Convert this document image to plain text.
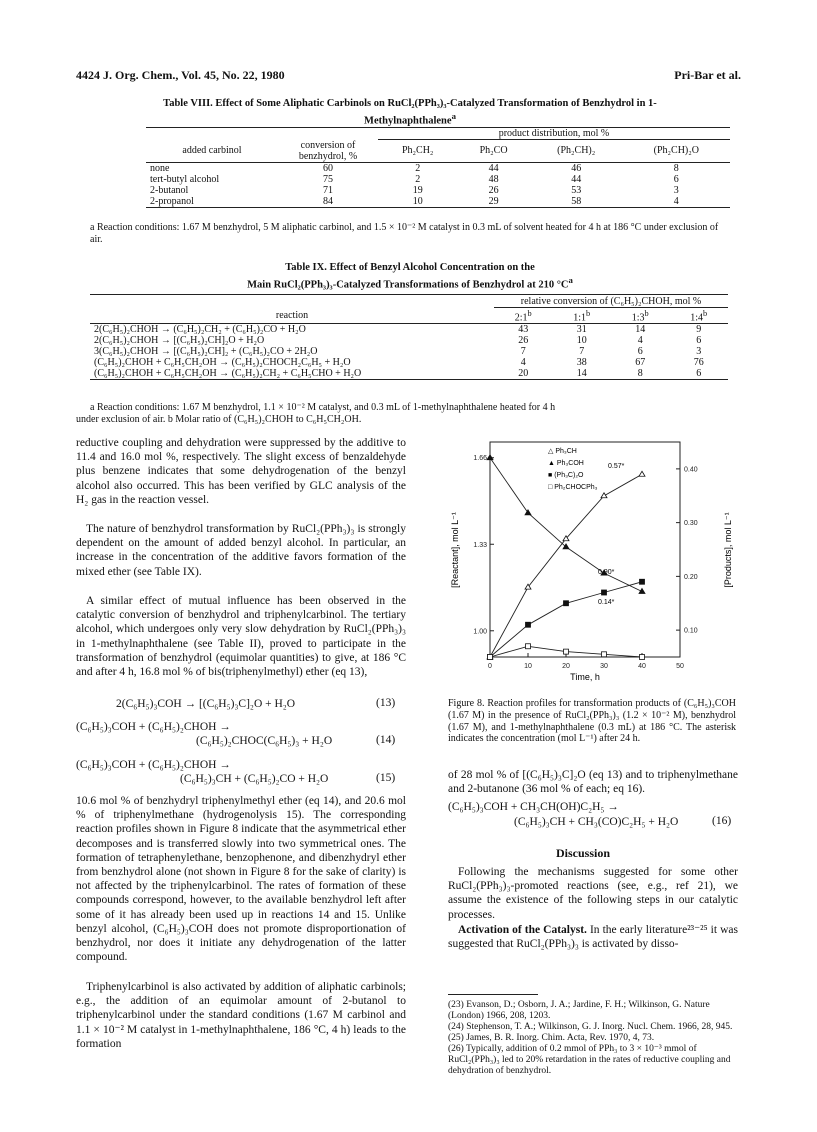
4424 J. Org. Chem., Vol. 45, No. 22, 1980	Pri-Bar et al.
Table VIII. Effect of Some Aliphatic Carbinols on RuCl₂(PPh₃)₃-Catalyzed Transformation of Benzhydrol in 1-Methylnaphthalene$^a$
		product distribution, mol %			
added carbinol	conversion of benzhydrol, %	Ph₂CH₂	Ph₂CO	(Ph₂CH)₂	(Ph₂CH)₂O
none	60	2	44	46	8
tert-butyl alcohol	75	2	48	44	6
2-butanol	71	19	26	53	3
2-propanol	84	10	29	58	4
a Reaction conditions: 1.67 M benzhydrol, 5 M aliphatic carbinol, and 1.5 × 10⁻² M catalyst in 0.3 mL of solvent heated for 4 h at 186 °C under exclusion of air.
Table IX. Effect of Benzyl Alcohol Concentration on the
Main RuCl₂(PPh₃)₃-Catalyzed Transformations of Benzhydrol at 210 $^\circ C^a$
	relative conversion of (C₆H₅)₂CHOH, mol %			
reaction	2:1$^b$	1:1$^b$	1:3$^b$	1:4$^b$
2(C₆H₅)₂CHOH → (C₆H₅)₂CH₂ + (C₆H₅)₂CO + H₂O	43	31	14	9
2(C₆H₅)₂CHOH → [(C₆H₅)₂CH]₂O + H₂O	26	10	4	6
3(C₆H₅)₂CHOH → [(C₆H₅)₂CH]₂ + (C₆H₅)₂CO + 2H₂O	7	7	6	3
(C₆H₅)₂CHOH + C₆H₅CH₂OH → (C₆H₅)₂CHOCH₂C₆H₅ + H₂O	4	38	67	76
(C₆H₅)₂CHOH + C₆H₅CH₂OH → (C₆H₅)₂CH₂ + C₆H₅CHO + H₂O	20	14	8	6
a Reaction conditions: 1.67 M benzhydrol, 1.1 × 10⁻² M catalyst, and 0.3 mL of 1-methylnaphthalene heated for 4 h
under exclusion of air. b Molar ratio of (C₆H₅)₂CHOH to C₆H₅CH₂OH.
reductive coupling and dehydration were suppressed by the additive to 11.4 and 16.0 mol %, respectively. The slight excess of benzaldehyde plus benzene indicates that some dehydrogenation of the benzyl alcohol also occurred. This has been verified by GLC analysis of the H₂ gas in the reaction vessel.
The nature of benzhydrol transformation by RuCl₂(PPh₃)₃ is strongly dependent on the amount of added benzyl alcohol. In particular, an increase in the concentration of the additive favors formation of the mixed ether (see Table IX).
A similar effect of mutual influence has been observed in the catalytic conversion of benzhydrol and triphenylcarbinol. The tertiary alcohol, which undergoes only very slow dehydration by RuCl₂(PPh₃)₃ in 1-methylnaphthalene (see Table II), proved to participate in the transformation of benzhydrol (equimolar quantities) to give, at 186 °C and after 4 h, 16.8 mol % of bis(triphenylmethyl) ether (eq 13),
2(C₆H₅)₃COH → [(C₆H₅)₃C]₂O + H₂O	(13)
(C₆H₅)₃COH + (C₆H₅)₂CHOH →
(C₆H₅)₂CHOC(C₆H₅)₃ + H₂O	(14)
(C₆H₅)₃COH + (C₆H₅)₂CHOH →
(C₆H₅)₃CH + (C₆H₅)₂CO + H₂O	(15)
10.6 mol % of benzhydryl triphenylmethyl ether (eq 14), and 20.6 mol % of triphenylmethane (hydrogenolysis 15). The corresponding reaction profiles shown in Figure 8 indicate that the asymmetrical ether decomposes and is transferred slowly into two symmetrical ones. The formation of tetraphenylethane, benzophenone, and dibenzhydryl ether from benzhydrol alone (not shown in Figure 8 for the sake of clarity) is not affected by the triphenylcarbinol. The rates of formation of these compounds correspond, however, to the available benzhydrol left after some of it has already been used up in reactions 14 and 15. Unlike benzyl alcohol, (C₆H₅)₃COH does not promote disproportionation of benzhydrol, nor does it initiate any dehydrogenation of the latter compound.
Triphenylcarbinol is also activated by addition of aliphatic carbinols; e.g., the addition of an equimolar amount of 2-butanol to triphenylcarbinol under the standard conditions (1.67 M carbinol and 1.1 × 10⁻² M catalyst in 1-methylnaphthalene, 186 °C, 4 h) leads to the formation
△ Ph₃CH
▲ Ph₃COH
■ (Ph₃C)₂O
□ Ph₂CHOCPh₃
0	10	20	30	40	50
1.66
1.33
1.00
0.40
0.30
0.20
0.10
[Reactant], mol L⁻¹	[Products], mol L⁻¹
Time, h
0.57*
0.90*
0.14*
Figure 8. Reaction profiles for transformation products of (C₆H₅)₃COH (1.67 M) in the presence of RuCl₂(PPh₃)₃ (1.2 × 10⁻² M), benzhydrol (1.67 M), and 1-methylnaphthalene (0.3 mL) at 186 °C. The asterisk indicates the concentration (mol L⁻¹) after 24 h.
of 28 mol % of [(C₆H₅)₃C]₂O (eq 13) and to triphenylmethane and 2-butanone (36 mol % of each; eq 16).
(C₆H₅)₃COH + CH₃CH(OH)C₂H₅ →
(C₆H₅)₃CH + CH₃(CO)C₂H₅ + H₂O	(16)
Discussion
Following the mechanisms suggested for some other RuCl₂(PPh₃)₃-promoted reactions (see, e.g., ref 21), we assume the existence of the following steps in our catalytic processes.
Activation of the Catalyst. In the early literature²³⁻²⁵ it was suggested that RuCl₂(PPh₃)₃ is activated by disso-
(23) Evanson, D.; Osborn, J. A.; Jardine, F. H.; Wilkinson, G. Nature (London) 1966, 208, 1203.
(24) Stephenson, T. A.; Wilkinson, G. J. Inorg. Nucl. Chem. 1966, 28, 945.
(25) James, B. R. Inorg. Chim. Acta, Rev. 1970, 4, 73.
(26) Typically, addition of 0.2 mmol of PPh₃ to 3 × 10⁻³ mmol of RuCl₂(PPh₃)₃ led to 20% retardation in the rates of reductive coupling and dehydration of benzhydrol.
